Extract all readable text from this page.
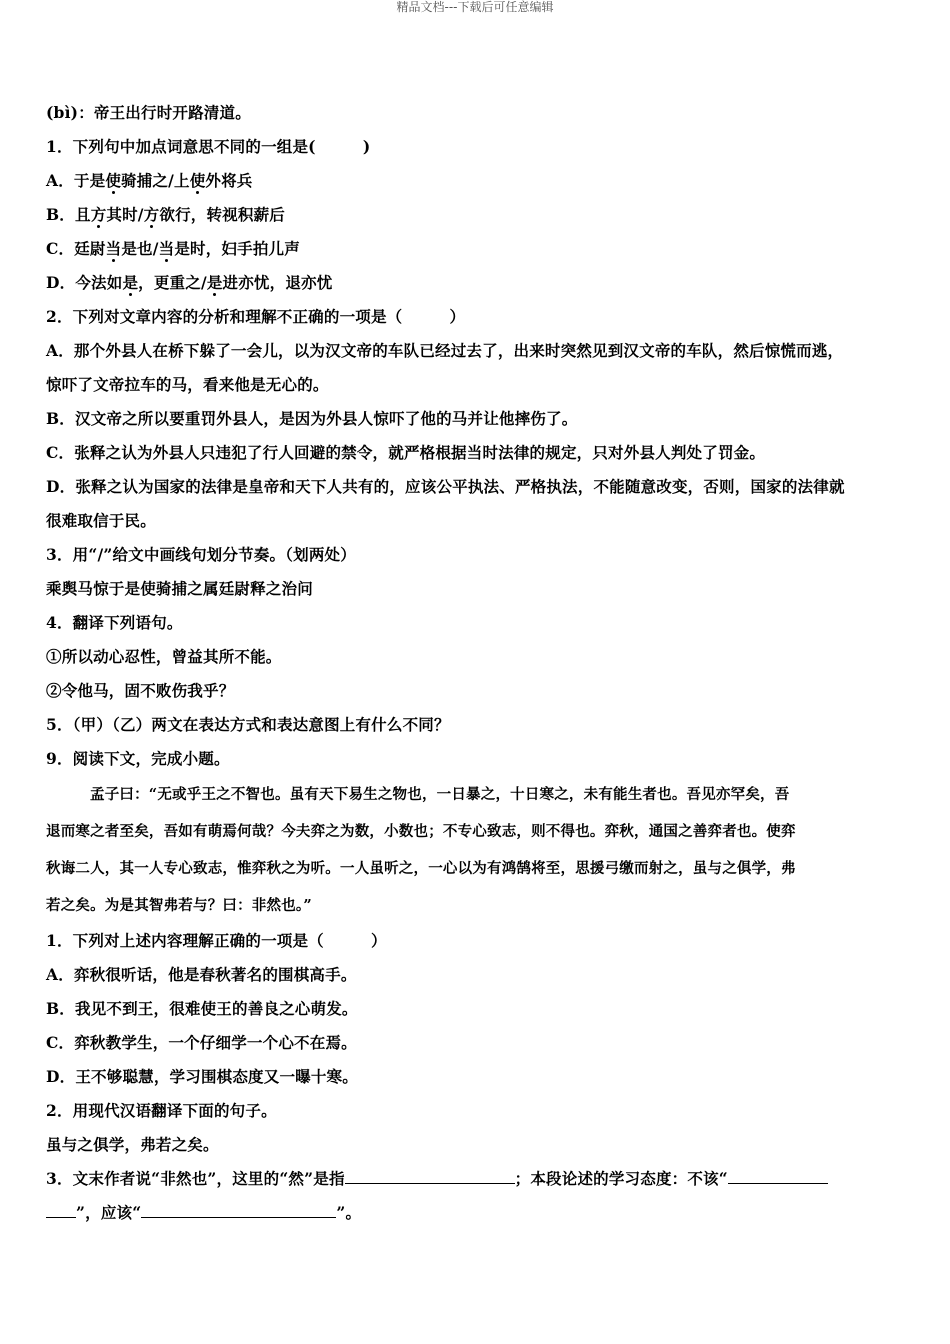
精品文档---下载后可任意编辑
(bì)：帝王出行时开路清道。
1．下列句中加点词意思不同的一组是(　　　)
A．于是使骑捕之/上使外将兵
B．且方其时/方欲行，转视积薪后
C．廷尉当是也/当是时，妇手拍儿声
D．今法如是，更重之/是进亦忧，退亦忧
2．下列对文章内容的分析和理解不正确的一项是（　　　）
A．那个外县人在桥下躲了一会儿，以为汉文帝的车队已经过去了，出来时突然见到汉文帝的车队，然后惊慌而逃，
惊吓了文帝拉车的马，看来他是无心的。
B．汉文帝之所以要重罚外县人，是因为外县人惊吓了他的马并让他摔伤了。
C．张释之认为外县人只违犯了行人回避的禁令，就严格根据当时法律的规定，只对外县人判处了罚金。
D．张释之认为国家的法律是皇帝和天下人共有的，应该公平执法、严格执法，不能随意改变，否则，国家的法律就
很难取信于民。
3．用“/”给文中画线句划分节奏。（划两处）
乘舆马惊于是使骑捕之属廷尉释之治问
4．翻译下列语句。
①所以动心忍性，曾益其所不能。
②令他马，固不败伤我乎？
5．（甲）（乙）两文在表达方式和表达意图上有什么不同？
9．阅读下文，完成小题。
孟子曰：“无或乎王之不智也。虽有天下易生之物也，一日暴之，十日寒之，未有能生者也。吾见亦罕矣，吾
退而寒之者至矣，吾如有萌焉何哉？今夫弈之为数，小数也；不专心致志，则不得也。弈秋，通国之善弈者也。使弈
秋诲二人，其一人专心致志，惟弈秋之为听。一人虽听之，一心以为有鸿鹄将至，思援弓缴而射之，虽与之俱学，弗
若之矣。为是其智弗若与？曰：非然也。”
1．下列对上述内容理解正确的一项是（　　　）
A．弈秋很听话，他是春秋著名的围棋高手。
B．我见不到王，很难使王的善良之心萌发。
C．弈秋教学生，一个仔细学一个心不在焉。
D．王不够聪慧，学习围棋态度又一曝十寒。
2．用现代汉语翻译下面的句子。
虽与之俱学，弗若之矣。
3．文末作者说“非然也”，这里的“然”是指	；本段论述的学习态度：不该“
”，应该“	”。
